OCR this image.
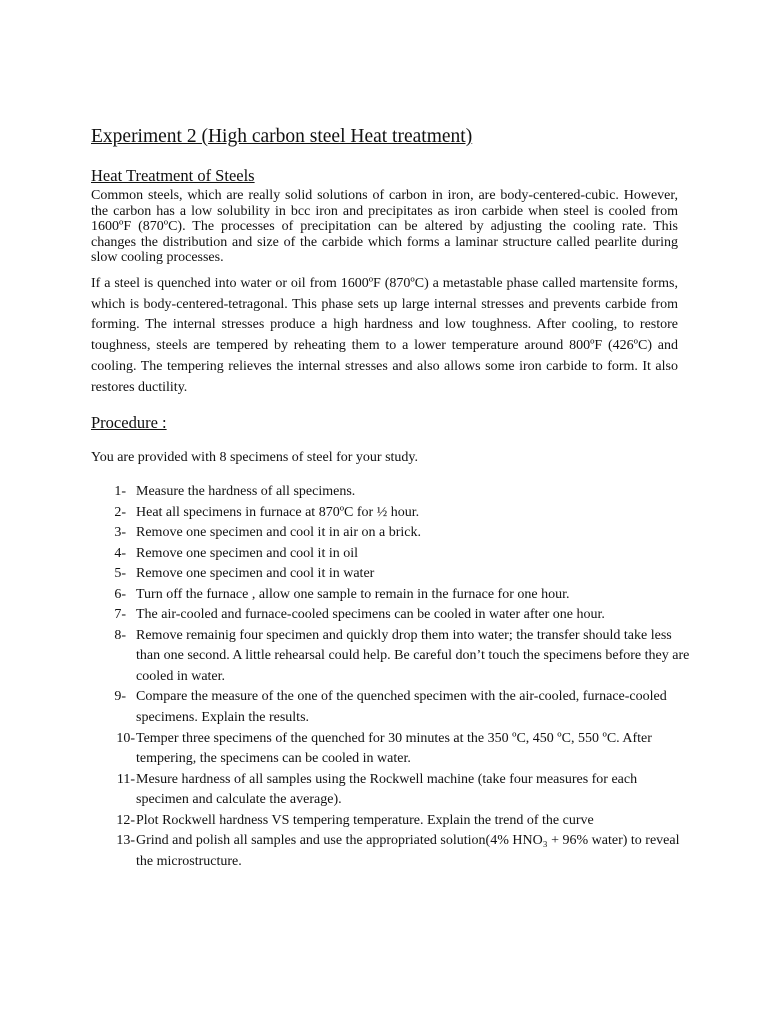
Experiment 2 (High carbon steel Heat treatment)
Heat Treatment of Steels
Common steels, which are really solid solutions of carbon in iron, are body-centered-cubic. However, the carbon has a low solubility in bcc iron and precipitates as iron carbide when steel is cooled from 1600ºF (870ºC). The processes of precipitation can be altered by adjusting the cooling rate. This changes the distribution and size of the carbide which forms a laminar structure called pearlite during slow cooling processes.
If a steel is quenched into water or oil from 1600ºF (870ºC) a metastable phase called martensite forms, which is body-centered-tetragonal. This phase sets up large internal stresses and prevents carbide from forming. The internal stresses produce a high hardness and low toughness. After cooling, to restore toughness, steels are tempered by reheating them to a lower temperature around 800ºF (426ºC) and cooling. The tempering relieves the internal stresses and also allows some iron carbide to form. It also restores ductility.
Procedure :
You are provided with 8 specimens of steel for your study.
1- Measure the hardness of all specimens.
2- Heat all specimens in furnace at 870ºC for ½ hour.
3- Remove one specimen and cool it in air on a brick.
4- Remove one specimen and cool it in oil
5- Remove one specimen and cool it in water
6- Turn off the furnace , allow one sample to remain in the furnace for one hour.
7- The air-cooled and furnace-cooled specimens can be cooled in water after one hour.
8- Remove remainig four specimen and quickly drop them into water; the transfer should take less than one second. A little rehearsal could help. Be careful don’t touch the specimens before they are cooled in water.
9- Compare the measure of the one of the quenched specimen with the air-cooled, furnace-cooled specimens. Explain the results.
10- Temper three specimens of the quenched for 30 minutes at the 350 ºC, 450 ºC, 550 ºC. After tempering, the specimens can be cooled in water.
11- Mesure hardness of all samples using the Rockwell machine (take four measures for each specimen and calculate the average).
12- Plot Rockwell hardness VS tempering temperature. Explain the trend of the curve
13- Grind and polish all samples and use the appropriated solution(4% HNO₃ + 96% water) to reveal the microstructure.
